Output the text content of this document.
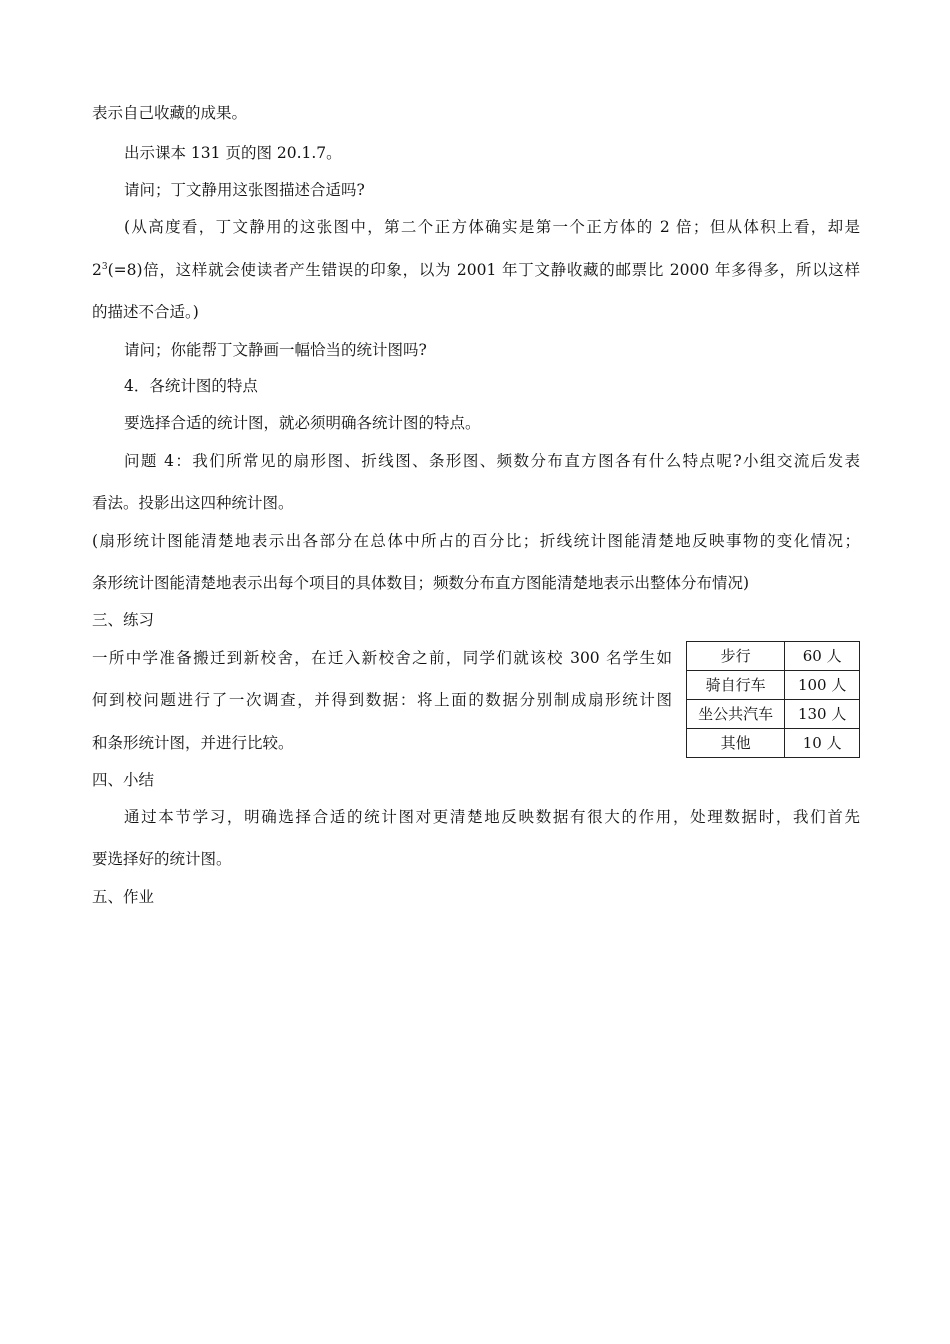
表示自己收藏的成果。
出示课本 131 页的图 20.1.7。
请问；丁文静用这张图描述合适吗?
(从高度看，丁文静用的这张图中，第二个正方体确实是第一个正方体的 2 倍；但从体积上看，却是
$2^3(=8)$倍，这样就会使读者产生错误的印象，以为 2001 年丁文静收藏的邮票比 2000 年多得多，所以这样
的描述不合适。)
请问；你能帮丁文静画一幅恰当的统计图吗?
4．各统计图的特点
要选择合适的统计图，就必须明确各统计图的特点。
问题 4：我们所常见的扇形图、折线图、条形图、频数分布直方图各有什么特点呢?小组交流后发表
看法。投影出这四种统计图。
(扇形统计图能清楚地表示出各部分在总体中所占的百分比；折线统计图能清楚地反映事物的变化情况；
条形统计图能清楚地表示出每个项目的具体数目；频数分布直方图能清楚地表示出整体分布情况)
三、练习
一所中学准备搬迁到新校舍，在迁入新校舍之前，同学们就该校 300 名学生如
何到校问题进行了一次调查，并得到数据：将上面的数据分别制成扇形统计图
和条形统计图，并进行比较。
步行	60 人
骑自行车	100 人
坐公共汽车	130 人
其他	10 人
四、小结
通过本节学习，明确选择合适的统计图对更清楚地反映数据有很大的作用，处理数据时，我们首先
要选择好的统计图。
五、作业
